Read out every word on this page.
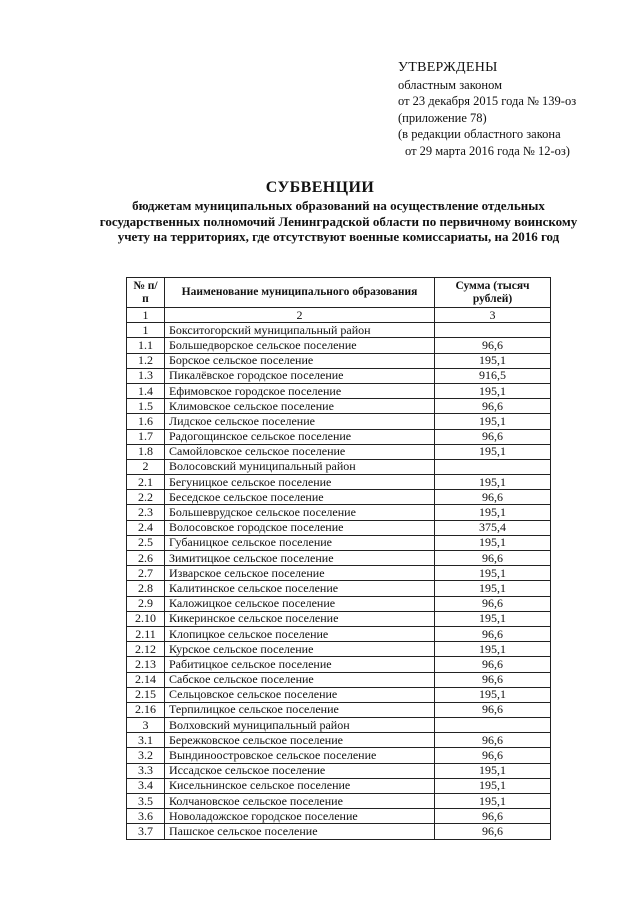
УТВЕРЖДЕНЫ
областным законом
от 23 декабря 2015 года № 139-оз
(приложение 78)
(в редакции областного закона
от 29 марта 2016 года № 12-оз)
СУБВЕНЦИИ
бюджетам муниципальных образований на осуществление отдельных государственных полномочий Ленинградской области по первичному воинскому учету на территориях, где отсутствуют военные комиссариаты, на 2016 год
№ п/п	Наименование муниципального образования	Сумма (тысяч рублей)
1	2	3
1	Бокситогорский муниципальный район	
1.1	Большедворское сельское поселение	96,6
1.2	Борское сельское поселение	195,1
1.3	Пикалёвское городское поселение	916,5
1.4	Ефимовское городское поселение	195,1
1.5	Климовское сельское поселение	96,6
1.6	Лидское сельское поселение	195,1
1.7	Радогощинское сельское поселение	96,6
1.8	Самойловское сельское поселение	195,1
2	Волосовский муниципальный район	
2.1	Бегуницкое сельское поселение	195,1
2.2	Беседское сельское поселение	96,6
2.3	Большеврудское сельское поселение	195,1
2.4	Волосовское городское поселение	375,4
2.5	Губаницкое сельское поселение	195,1
2.6	Зимитицкое сельское поселение	96,6
2.7	Изварское сельское поселение	195,1
2.8	Калитинское сельское поселение	195,1
2.9	Каложицкое сельское поселение	96,6
2.10	Кикеринское сельское поселение	195,1
2.11	Клопицкое сельское поселение	96,6
2.12	Курское сельское поселение	195,1
2.13	Рабитицкое сельское поселение	96,6
2.14	Сабское сельское поселение	96,6
2.15	Сельцовское сельское поселение	195,1
2.16	Терпилицкое сельское поселение	96,6
3	Волховский муниципальный район	
3.1	Бережковское сельское поселение	96,6
3.2	Вындиноостровское сельское поселение	96,6
3.3	Иссадское сельское поселение	195,1
3.4	Кисельнинское сельское поселение	195,1
3.5	Колчановское сельское поселение	195,1
3.6	Новоладожское городское поселение	96,6
3.7	Пашское сельское поселение	96,6
